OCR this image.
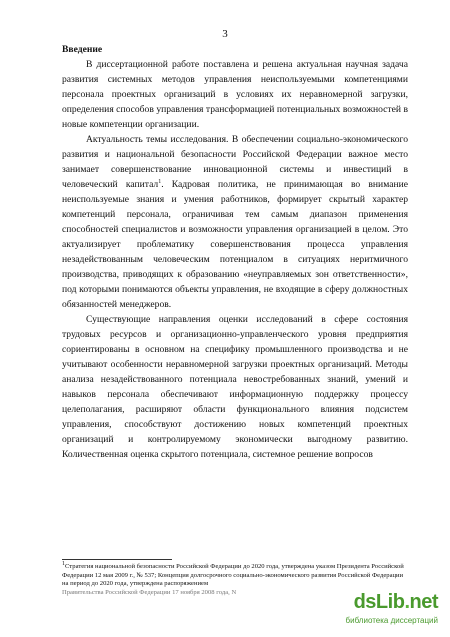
3
Введение

В диссертационной работе поставлена и решена актуальная научная задача развития системных методов управления неиспользуемыми компетенциями персонала проектных организаций в условиях их неравномерной загрузки, определения способов управления трансформацией потенциальных возможностей в новые компетенции организации.

Актуальность темы исследования. В обеспечении социально-экономического развития и национальной безопасности Российской Федерации важное место занимает совершенствование инновационной системы и инвестиций в человеческий капитал$^1$. Кадровая политика, не принимающая во внимание неиспользуемые знания и умения работников, формирует скрытый характер компетенций персонала, ограничивая тем самым диапазон применения способностей специалистов и возможности управления организацией в целом. Это актуализирует проблематику совершенствования процесса управления незадействованным человеческим потенциалом в ситуациях неритмичного производства, приводящих к образованию «неуправляемых зон ответственности», под которыми понимаются объекты управления, не входящие в сферу должностных обязанностей менеджеров.

Существующие направления оценки исследований в сфере состояния трудовых ресурсов и организационно-управленческого уровня предприятия сориентированы в основном на специфику промышленного производства и не учитывают особенности неравномерной загрузки проектных организаций. Методы анализа незадействованного потенциала невостребованных знаний, умений и навыков персонала обеспечивают информационную поддержку процессу целеполагания, расширяют области функционального влияния подсистем управления, способствуют достижению новых компетенций проектных организаций и контролируемому экономически выгодному развитию. Количественная оценка скрытого потенциала, системное решение вопросов

$^1$Стратегия национальной безопасности Российской Федерации до 2020 года, утверждена указом Президента Российской Федерации 12 мая 2009 г., № 537; Концепция долгосрочного социально-экономического развития Российской Федерации на период до 2020 года, утверждена распоряжением
Правительства Российской Федерации 17 ноября 2008 года, N	dsLib.net
библиотека диссертаций
